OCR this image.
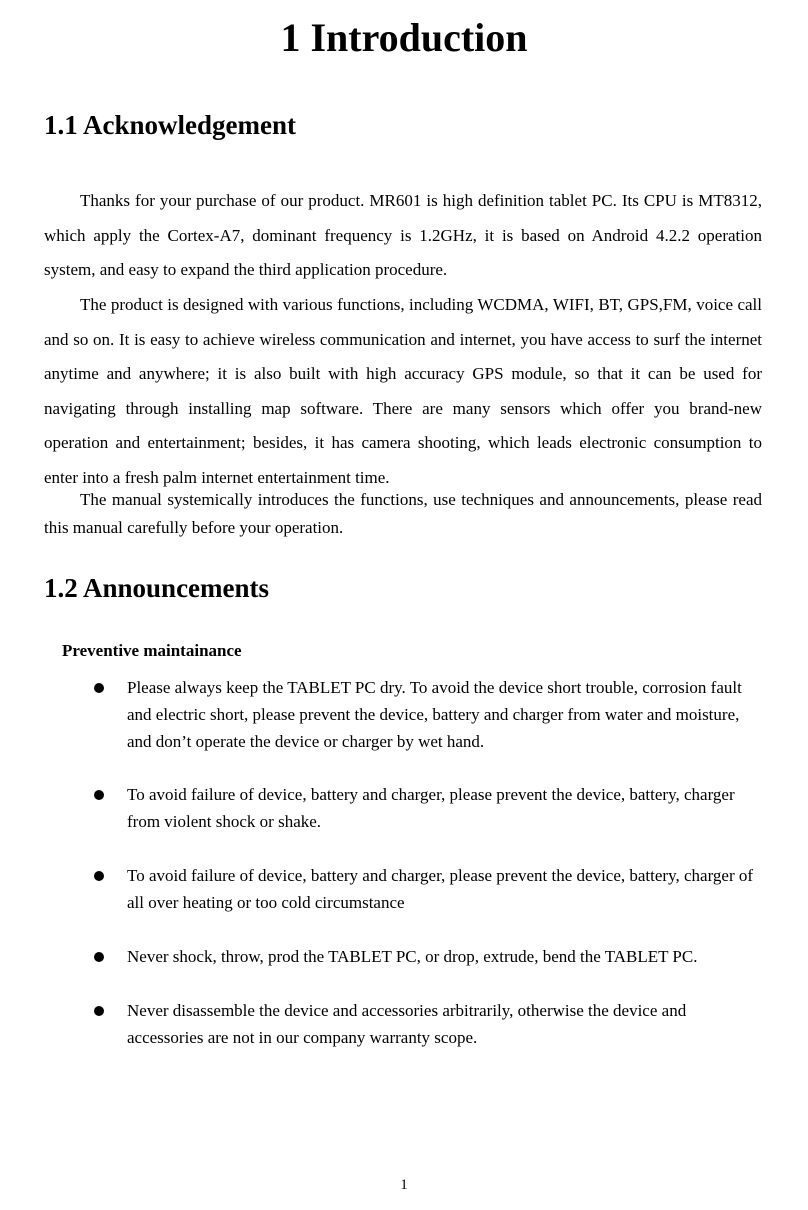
1 Introduction
1.1 Acknowledgement

Thanks for your purchase of our product. MR601 is high definition tablet PC. Its CPU is MT8312, which apply the Cortex-A7, dominant frequency is 1.2GHz, it is based on Android 4.2.2 operation system, and easy to expand the third application procedure.

The product is designed with various functions, including WCDMA, WIFI, BT, GPS,FM, voice call and so on. It is easy to achieve wireless communication and internet, you have access to surf the internet anytime and anywhere; it is also built with high accuracy GPS module, so that it can be used for navigating through installing map software. There are many sensors which offer you brand-new operation and entertainment; besides, it has camera shooting, which leads electronic consumption to enter into a fresh palm internet entertainment time.

The manual systemically introduces the functions, use techniques and announcements, please read this manual carefully before your operation.

1.2 Announcements
Preventive maintainance

Please always keep the TABLET PC dry. To avoid the device short trouble, corrosion fault and electric short, please prevent the device, battery and charger from water and moisture, and don’t operate the device or charger by wet hand.

To avoid failure of device, battery and charger, please prevent the device, battery, charger from violent shock or shake.

To avoid failure of device, battery and charger, please prevent the device, battery, charger of all over heating or too cold circumstance

Never shock, throw, prod the TABLET PC, or drop, extrude, bend the TABLET PC.

Never disassemble the device and accessories arbitrarily, otherwise the device and accessories are not in our company warranty scope.

1
